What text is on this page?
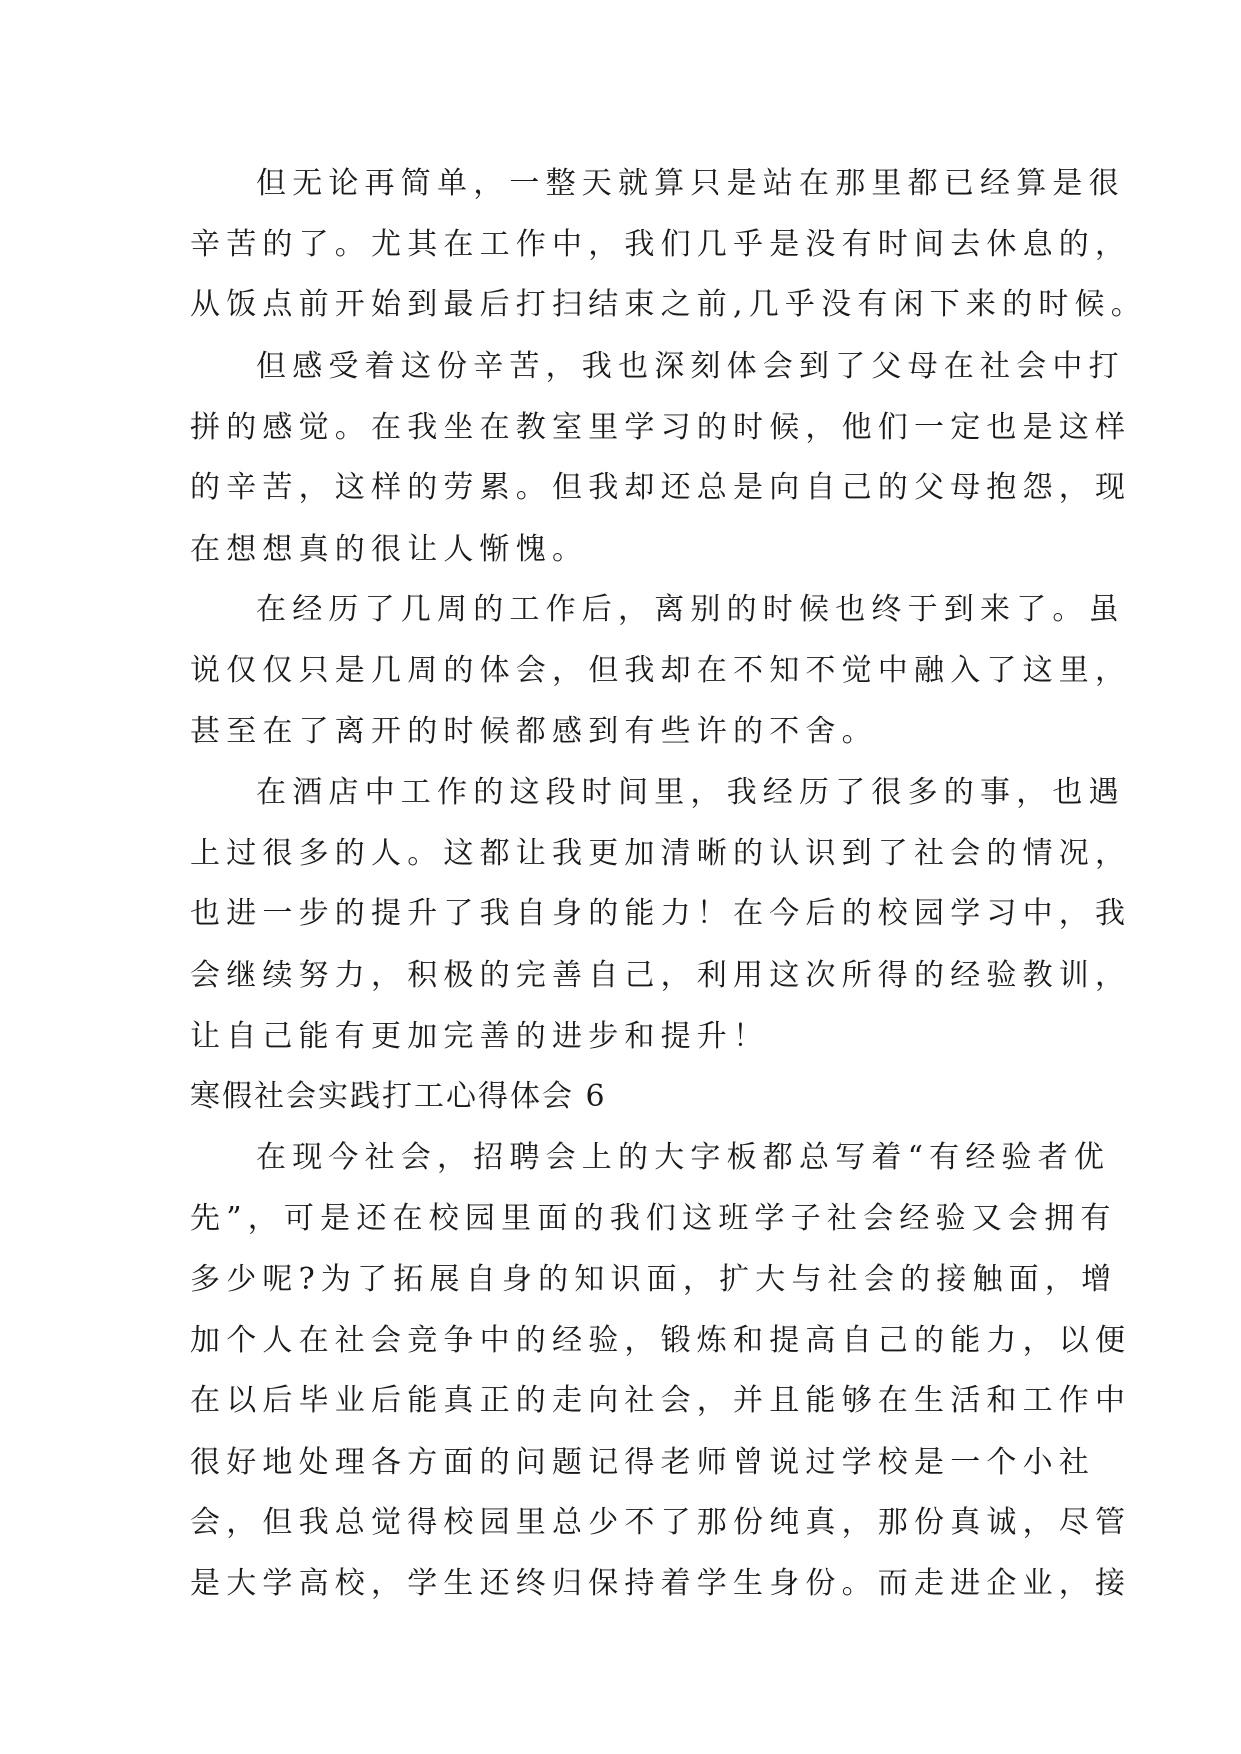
但无论再简单，一整天就算只是站在那里都已经算是很

辛苦的了。尤其在工作中，我们几乎是没有时间去休息的，

从饭点前开始到最后打扫结束之前,几乎没有闲下来的时候。

但感受着这份辛苦，我也深刻体会到了父母在社会中打

拼的感觉。在我坐在教室里学习的时候，他们一定也是这样

的辛苦，这样的劳累。但我却还总是向自己的父母抱怨，现

在想想真的很让人惭愧。

在经历了几周的工作后，离别的时候也终于到来了。虽

说仅仅只是几周的体会，但我却在不知不觉中融入了这里，

甚至在了离开的时候都感到有些许的不舍。

在酒店中工作的这段时间里，我经历了很多的事，也遇

上过很多的人。这都让我更加清晰的认识到了社会的情况，

也进一步的提升了我自身的能力！在今后的校园学习中，我

会继续努力，积极的完善自己，利用这次所得的经验教训，

让自己能有更加完善的进步和提升！

寒假社会实践打工心得体会 6

在现今社会，招聘会上的大字板都总写着“有经验者优

先”，可是还在校园里面的我们这班学子社会经验又会拥有

多少呢?为了拓展自身的知识面，扩大与社会的接触面，增

加个人在社会竞争中的经验，锻炼和提高自己的能力，以便

在以后毕业后能真正的走向社会，并且能够在生活和工作中

很好地处理各方面的问题记得老师曾说过学校是一个小社

会，但我总觉得校园里总少不了那份纯真，那份真诚，尽管

是大学高校，学生还终归保持着学生身份。而走进企业，接
